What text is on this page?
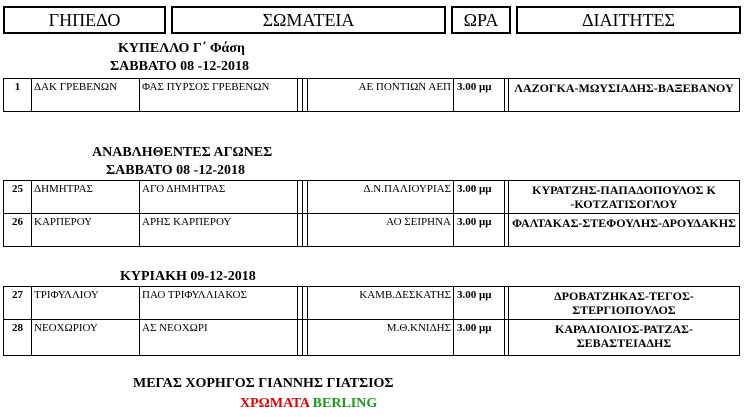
ΓΗΠΕΔΟ	ΣΩΜΑΤΕΙΑ	ΩΡΑ	ΔΙΑΙΤΗΤΕΣ
ΚΥΠΕΛΛΟ Γ΄ Φάση
ΣΑΒΒΑΤΟ 08 -12-2018
1	ΔΑΚ ΓΡΕΒΕΝΩΝ	ΦΑΣ ΠΥΡΣΟΣ ΓΡΕΒΕΝΩΝ	ΑΕ ΠΟΝΤΙΩΝ ΑΕΠ 3.00 μμ	ΛΑΖΟΓΚΑ-ΜΩΥΣΙΑΔΗΣ-ΒΑΞΕΒΑΝΟΥ
ΑΝΑΒΛΗΘΕΝΤΕΣ ΑΓΩΝΕΣ
ΣΑΒΒΑΤΟ 08 -12-2018
25	ΔΗΜΗΤΡΑΣ	ΑΓΟ ΔΗΜΗΤΡΑΣ	Δ.Ν.ΠΑΛΙΟΥΡΙΑΣ 3.00 μμ	ΚΥΡΑΤΖΗΣ-ΠΑΠΑΔΟΠΟΥΛΟΣ Κ -ΚΟΤΖΑΤΙΣΟΓΛΟΥ
26	ΚΑΡΠΕΡΟΥ	ΑΡΗΣ ΚΑΡΠΕΡΟΥ	ΑΟ ΣΕΙΡΗΝΑ 3.00 μμ	ΦΑΛΤΑΚΑΣ-ΣΤΕΦΟΥΛΗΣ-ΔΡΟΥΔΑΚΗΣ
ΚΥΡΙΑΚΗ 09-12-2018
27	ΤΡΙΦΥΛΛΙΟΥ	ΠΑΟ ΤΡΙΦΥΛΛΙΑΚΟΣ	ΚΑΜΒ.ΔΕΣΚΑΤΗΣ 3.00 μμ	ΔΡΟΒΑΤΖΗΚΑΣ-ΤΕΓΟΣ-ΣΤΕΡΓΙΟΠΟΥΛΟΣ
28	ΝΕΟΧΩΡΙΟΥ	ΑΣ ΝΕΟΧΩΡΙ	Μ.Θ.ΚΝΙΔΗΣ 3.00 μμ	ΚΑΡΑΛΙΟΛΙΟΣ-ΡΑΤΖΑΣ-ΣΕΒΑΣΤΕΙΑΔΗΣ
ΜΕΓΑΣ ΧΟΡΗΓΟΣ ΓΙΑΝΝΗΣ ΓΙΑΤΣΙΟΣ
ΧΡΩΜΑΤΑ BERLING
